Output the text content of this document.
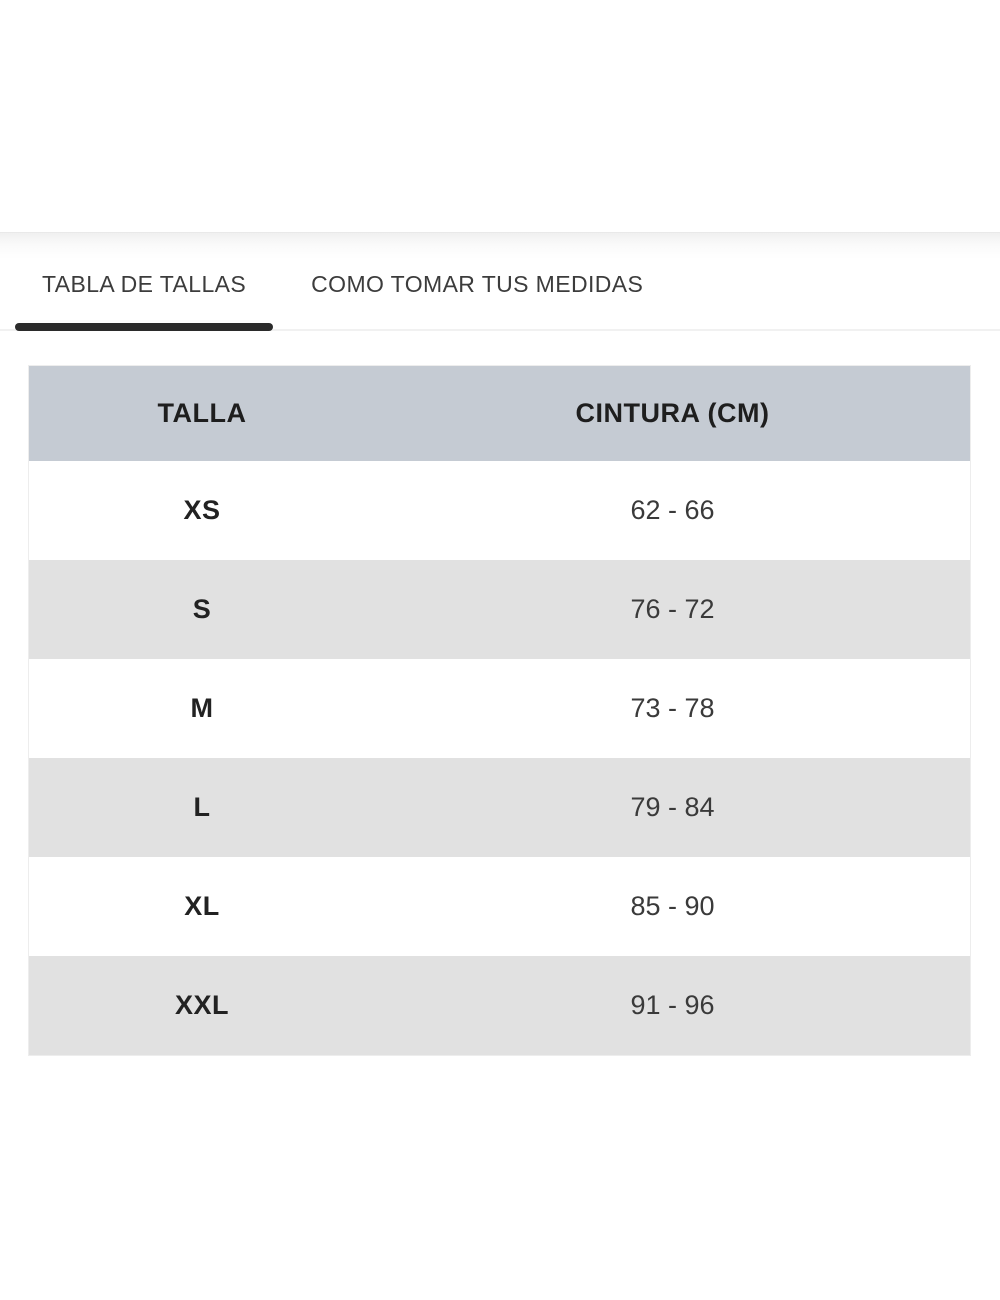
TABLA DE TALLAS	COMO TOMAR TUS MEDIDAS
TALLA	CINTURA (CM)
XS	62 - 66
S	76 - 72
M	73 - 78
L	79 - 84
XL	85 - 90
XXL	91 - 96
